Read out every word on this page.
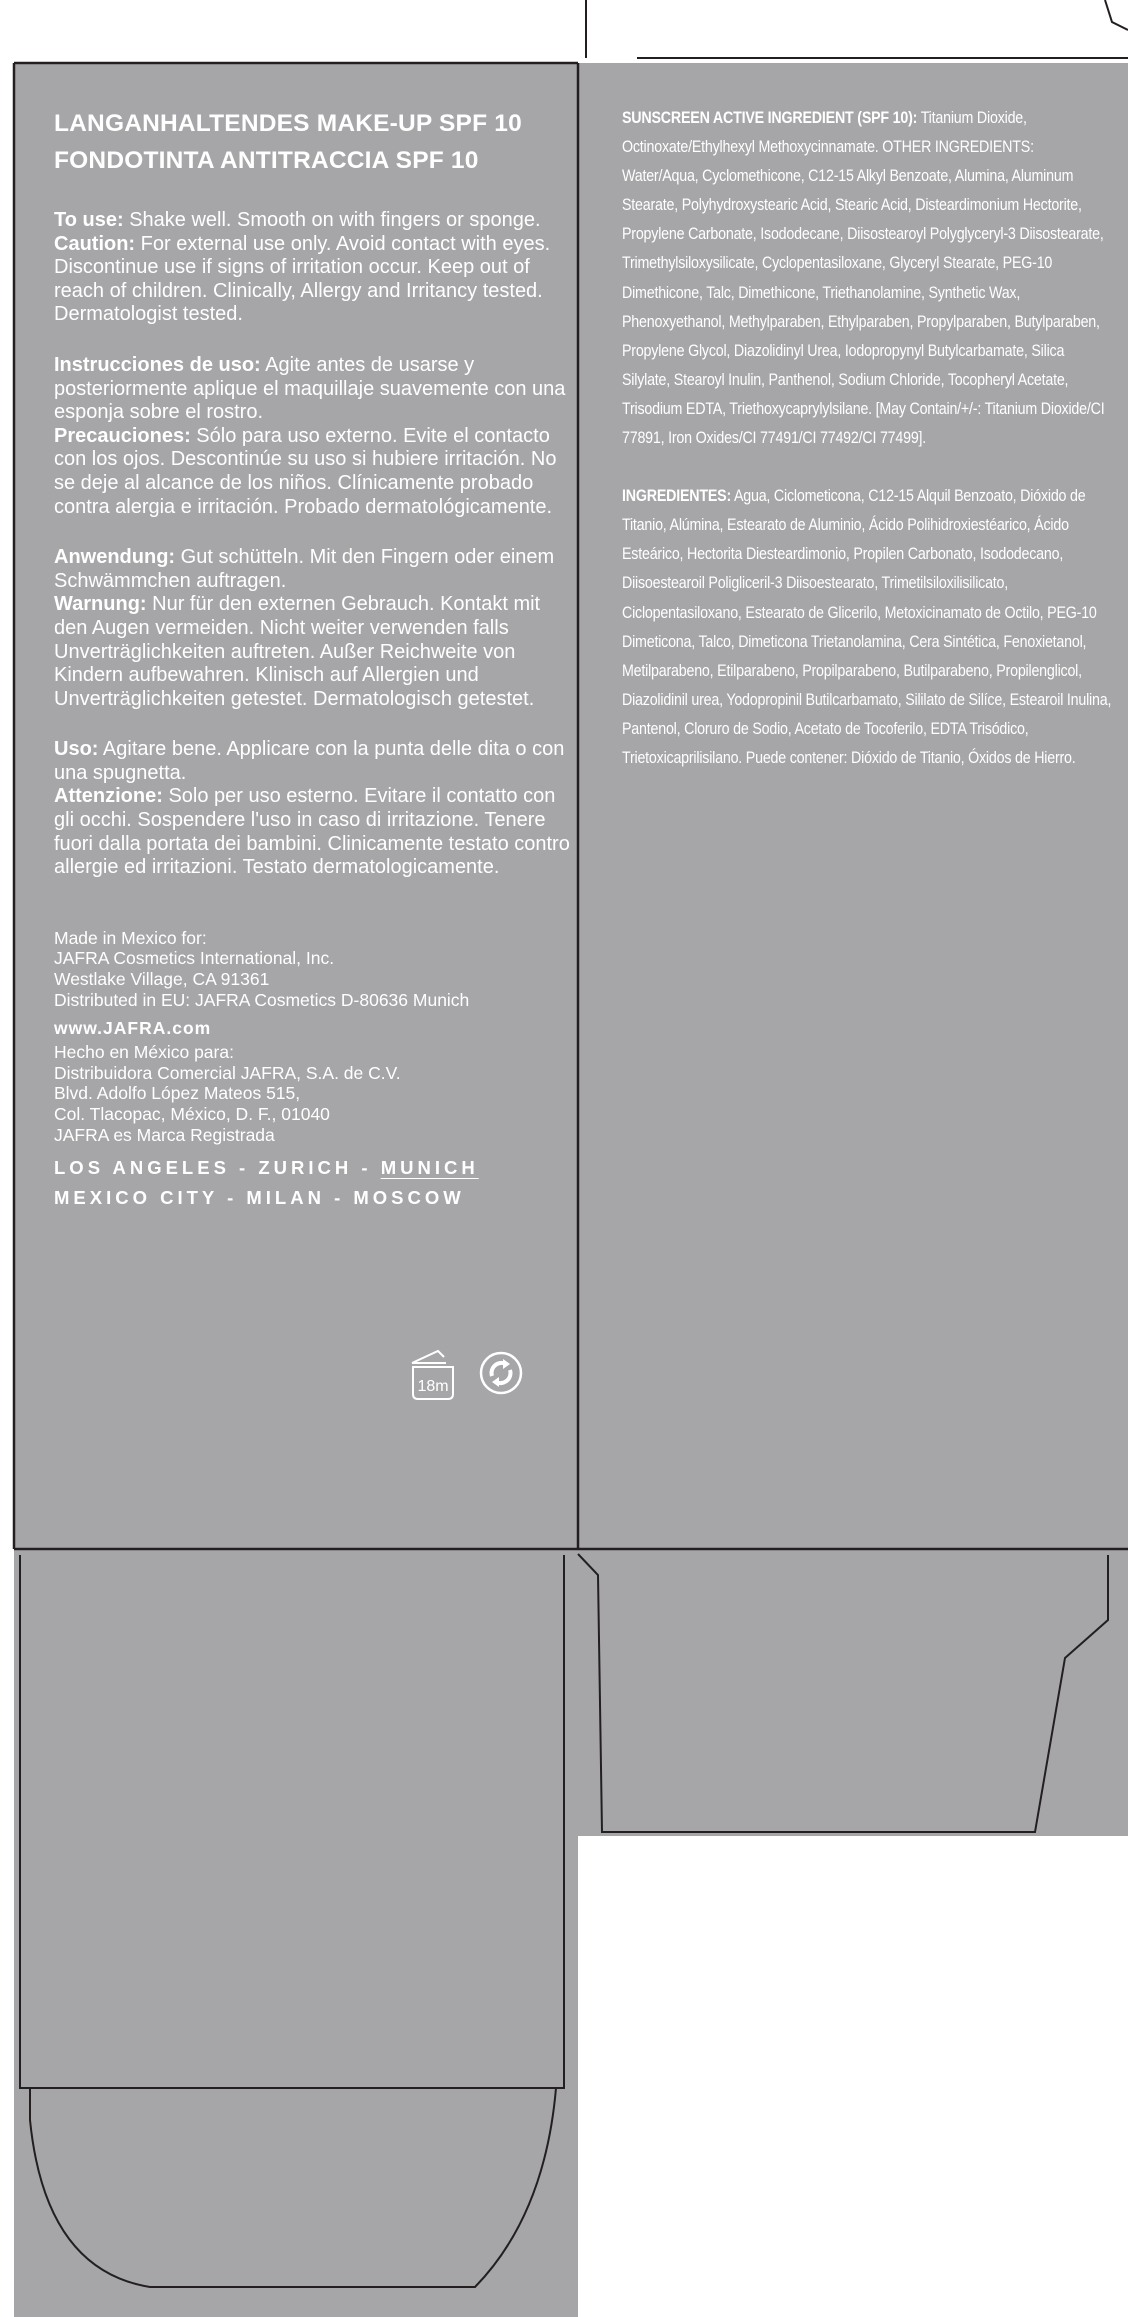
LANGANHALTENDES MAKE-UP SPF 10
FONDOTINTA ANTITRACCIA SPF 10

To use: Shake well. Smooth on with fingers or sponge.
Caution: For external use only. Avoid contact with eyes. Discontinue use if signs of irritation occur. Keep out of reach of children. Clinically, Allergy and Irritancy tested. Dermatologist tested.

Instrucciones de uso: Agite antes de usarse y posteriormente aplique el maquillaje suavemente con una esponja sobre el rostro.
Precauciones: Sólo para uso externo. Evite el contacto con los ojos. Descontinúe su uso si hubiere irritación. No se deje al alcance de los niños. Clínicamente probado contra alergia e irritación. Probado dermatológicamente.

Anwendung: Gut schütteln. Mit den Fingern oder einem Schwämmchen auftragen.
Warnung: Nur für den externen Gebrauch. Kontakt mit den Augen vermeiden. Nicht weiter verwenden falls Unverträglichkeiten auftreten. Außer Reichweite von Kindern aufbewahren. Klinisch auf Allergien und Unverträglichkeiten getestet. Dermatologisch getestet.

Uso: Agitare bene. Applicare con la punta delle dita o con una spugnetta.
Attenzione: Solo per uso esterno. Evitare il contatto con gli occhi. Sospendere l'uso in caso di irritazione. Tenere fuori dalla portata dei bambini. Clinicamente testato contro allergie ed irritazioni. Testato dermatologicamente.

Made in Mexico for:
JAFRA Cosmetics International, Inc.
Westlake Village, CA 91361
Distributed in EU: JAFRA Cosmetics D-80636 Munich
www.JAFRA.com
Hecho en México para:
Distribuidora Comercial JAFRA, S.A. de C.V.
Blvd. Adolfo López Mateos 515,
Col. Tlacopac, México, D. F., 01040
JAFRA es Marca Registrada
LOS ANGELES - ZURICH - MUNICH
MEXICO CITY - MILAN - MOSCOW
18m
SUNSCREEN ACTIVE INGREDIENT (SPF 10): Titanium Dioxide, Octinoxate/Ethylhexyl Methoxycinnamate. OTHER INGREDIENTS: Water/Aqua, Cyclomethicone, C12-15 Alkyl Benzoate, Alumina, Aluminum Stearate, Polyhydroxystearic Acid, Stearic Acid, Disteardimonium Hectorite, Propylene Carbonate, Isododecane, Diisostearoyl Polyglyceryl-3 Diisostearate, Trimethylsiloxysilicate, Cyclopentasiloxane, Glyceryl Stearate, PEG-10 Dimethicone, Talc, Dimethicone, Triethanolamine, Synthetic Wax, Phenoxyethanol, Methylparaben, Ethylparaben, Propylparaben, Butylparaben, Propylene Glycol, Diazolidinyl Urea, Iodopropynyl Butylcarbamate, Silica Silylate, Stearoyl Inulin, Panthenol, Sodium Chloride, Tocopheryl Acetate, Trisodium EDTA, Triethoxycaprylylsilane. [May Contain/+/-: Titanium Dioxide/CI 77891, Iron Oxides/CI 77491/CI 77492/CI 77499].
INGREDIENTES: Agua, Ciclometicona, C12-15 Alquil Benzoato, Dióxido de Titanio, Alúmina, Estearato de Aluminio, Ácido Polihidroxiestéarico, Ácido Esteárico, Hectorita Diesteardimonio, Propilen Carbonato, Isododecano, Diisoestearoil Poligliceril-3 Diisoestearato, Trimetilsiloxilisilicato, Ciclopentasiloxano, Estearato de Glicerilo, Metoxicinamato de Octilo, PEG-10 Dimeticona, Talco, Dimeticona Trietanolamina, Cera Sintética, Fenoxietanol, Metilparabeno, Etilparabeno, Propilparabeno, Butilparabeno, Propilenglicol, Diazolidinil urea, Yodopropinil Butilcarbamato, Sililato de Silíce, Estearoil Inulina, Pantenol, Cloruro de Sodio, Acetato de Tocoferilo, EDTA Trisódico, Trietoxicaprilisilano. Puede contener: Dióxido de Titanio, Óxidos de Hierro.
